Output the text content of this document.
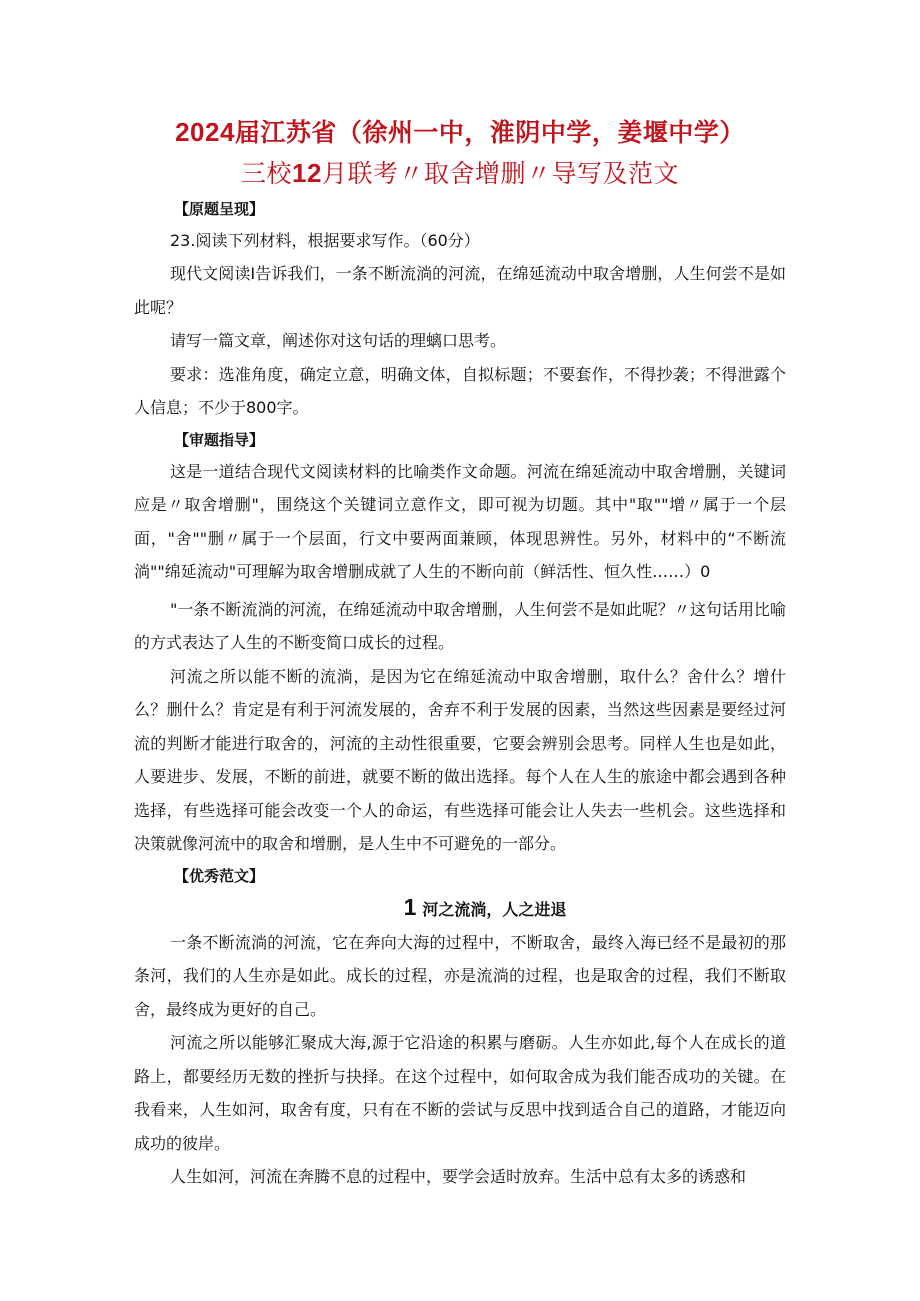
2024届江苏省（徐州一中，淮阴中学，姜堰中学）
三校12月联考〃取舍增删〃导写及范文
【原题呈现】

23.阅读下列材料，根据要求写作。（60分）

现代文阅读Ⅰ告诉我们，一条不断流淌的河流，在绵延流动中取舍增删，人生何尝不是如此呢？

请写一篇文章，阐述你对这句话的理螭口思考。

要求：选准角度，确定立意，明确文体，自拟标题；不要套作，不得抄袭；不得泄露个人信息；不少于800字。

【审题指导】

这是一道结合现代文阅读材料的比喻类作文命题。河流在绵延流动中取舍增删，关键词应是〃取舍增删"，围绕这个关键词立意作文，即可视为切题。其中"取""增〃属于一个层面，"舍""删〃属于一个层面，行文中要两面兼顾，体现思辨性。另外，材料中的“不断流淌""绵延流动"可理解为取舍增删成就了人生的不断向前（鲜活性、恒久性……）0

"一条不断流淌的河流，在绵延流动中取舍增删，人生何尝不是如此呢？〃这句话用比喻的方式表达了人生的不断变简口成长的过程。

河流之所以能不断的流淌，是因为它在绵延流动中取舍增删，取什么？舍什么？增什么？删什么？肯定是有利于河流发展的，舍弃不利于发展的因素，当然这些因素是要经过河流的判断才能进行取舍的，河流的主动性很重要，它要会辨别会思考。同样人生也是如此，人要进步、发展，不断的前进，就要不断的做出选择。每个人在人生的旅途中都会遇到各种选择，有些选择可能会改变一个人的命运，有些选择可能会让人失去一些机会。这些选择和决策就像河流中的取舍和增删，是人生中不可避免的一部分。

【优秀范文】
1 河之流淌，人之进退

一条不断流淌的河流，它在奔向大海的过程中，不断取舍，最终入海已经不是最初的那条河，我们的人生亦是如此。成长的过程，亦是流淌的过程，也是取舍的过程，我们不断取舍，最终成为更好的自己。

河流之所以能够汇聚成大海,源于它沿途的积累与磨砺。人生亦如此,每个人在成长的道路上，都要经历无数的挫折与抉择。在这个过程中，如何取舍成为我们能否成功的关键。在我看来，人生如河，取舍有度，只有在不断的尝试与反思中找到适合自己的道路，才能迈向成功的彼岸。

人生如河，河流在奔腾不息的过程中，要学会适时放弃。生活中总有太多的诱惑和
